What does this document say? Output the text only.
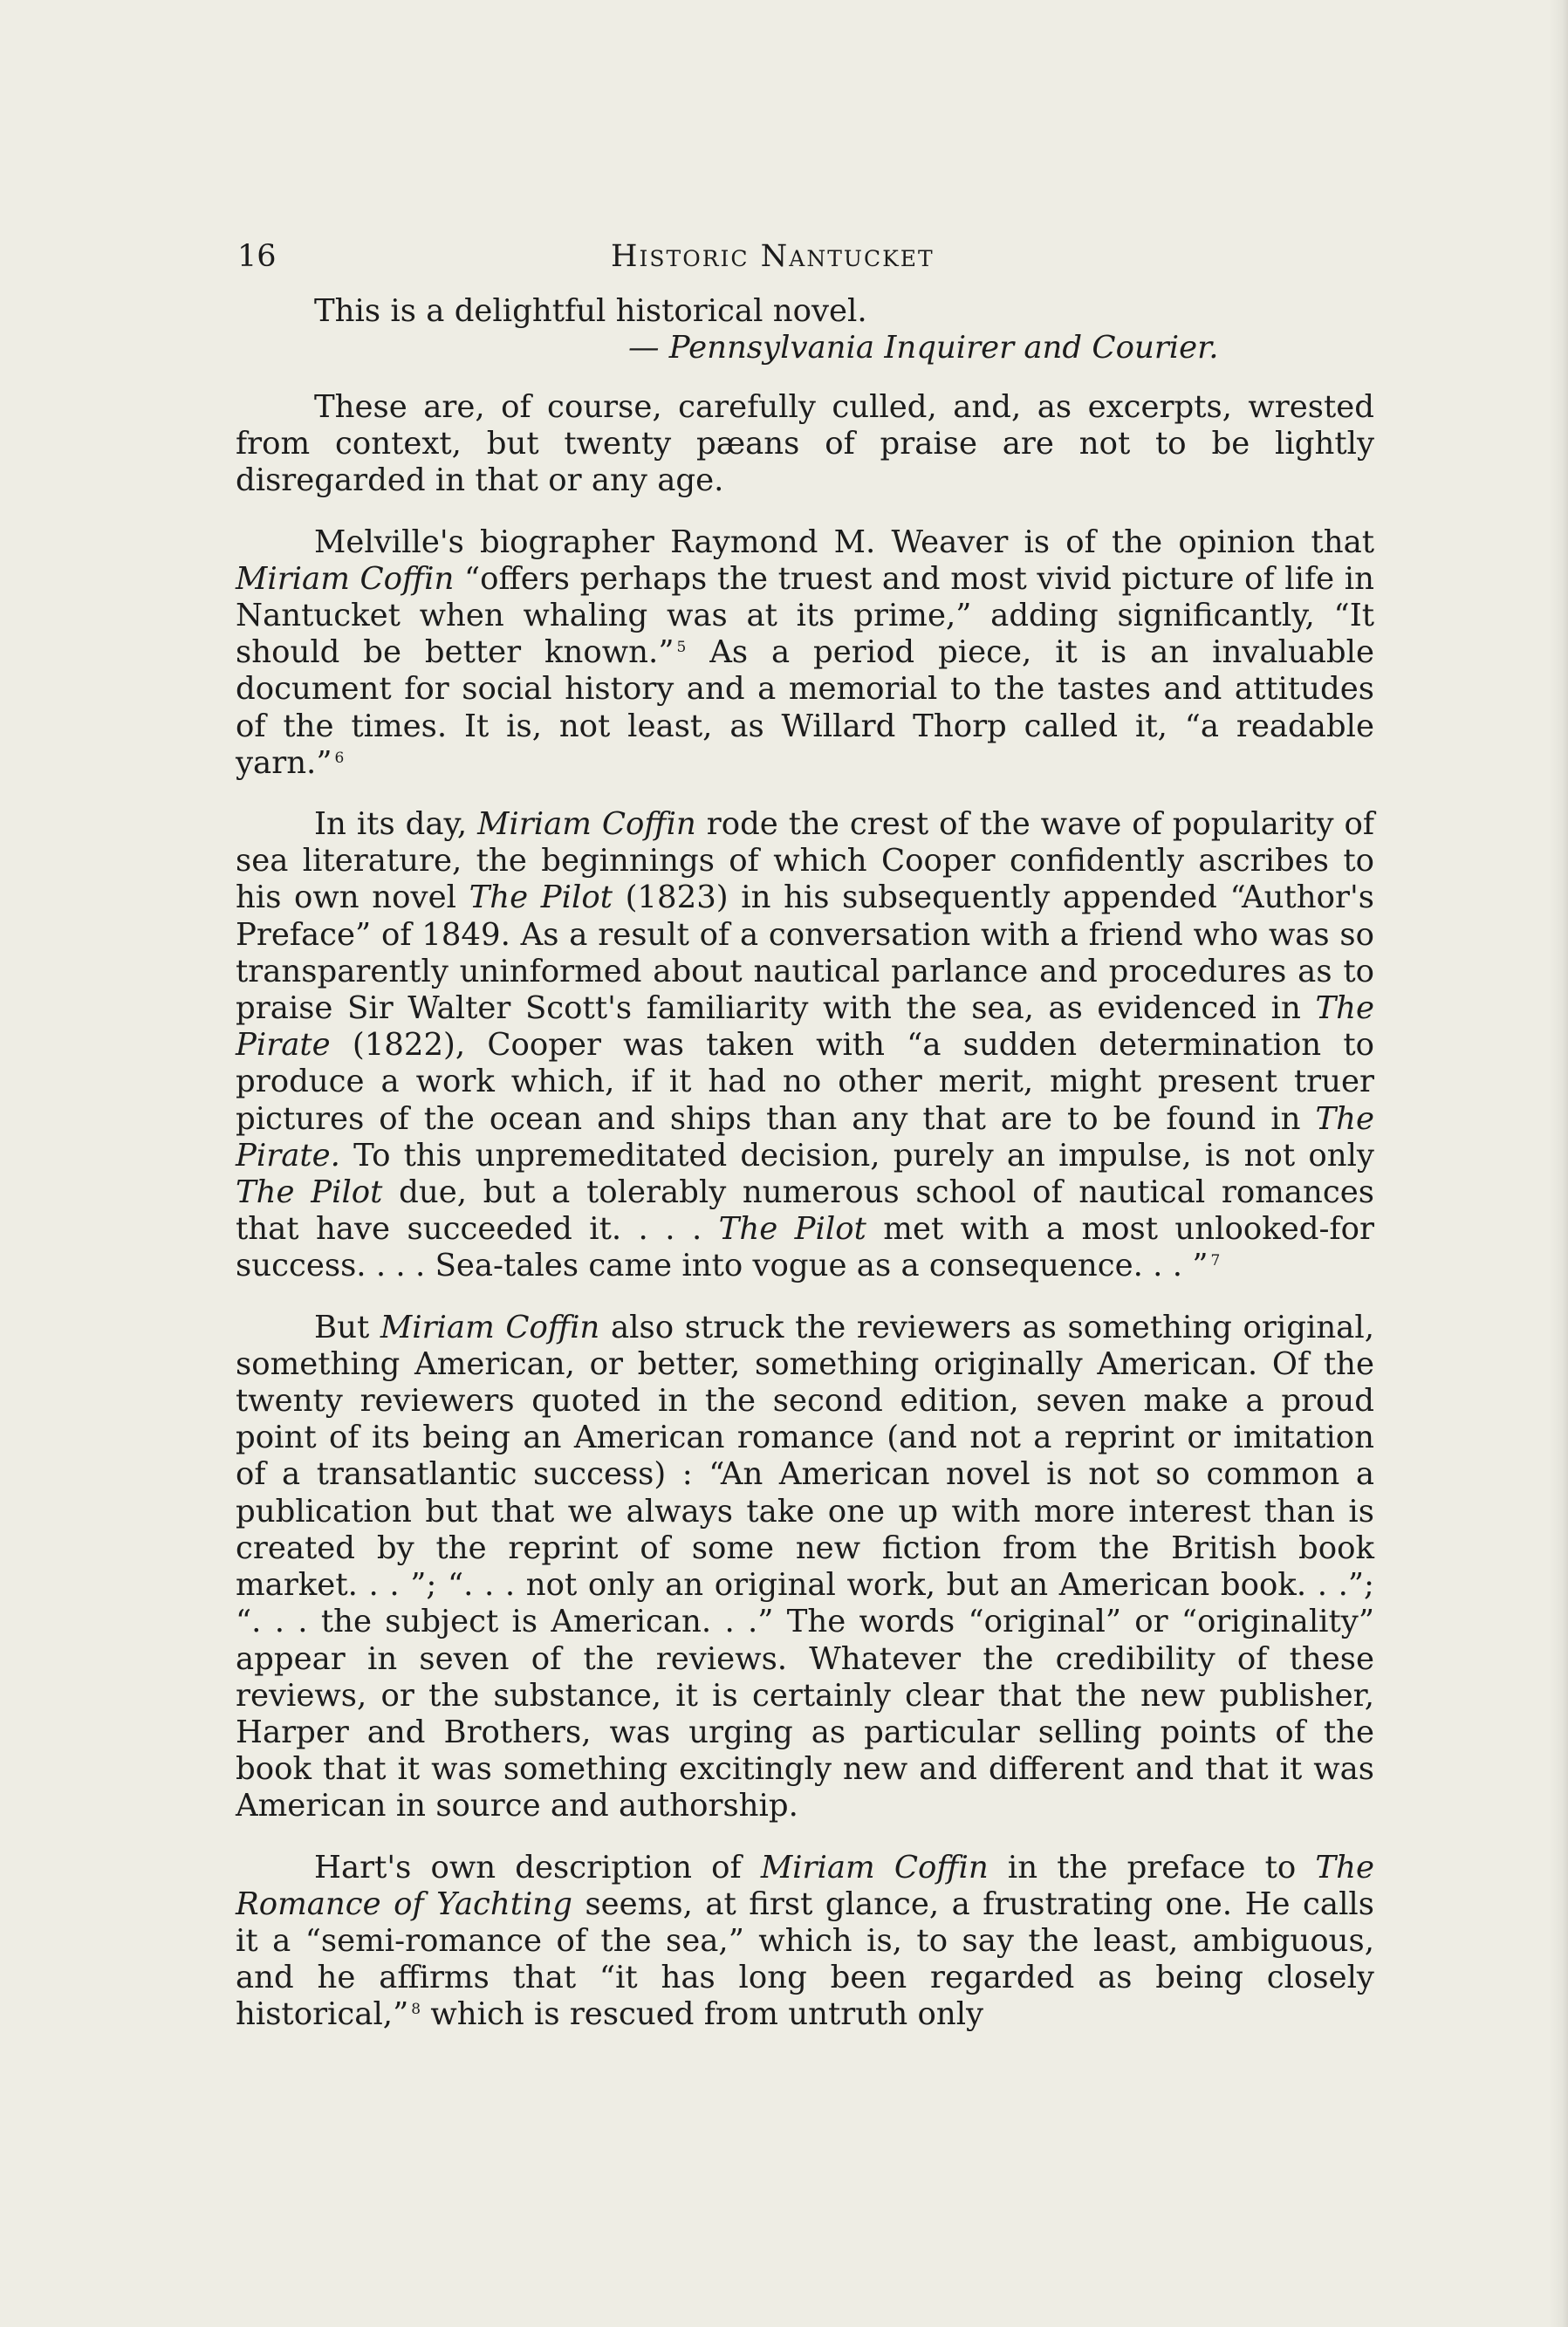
16	Historic Nantucket
This is a delightful historical novel.
— Pennsylvania Inquirer and Courier.

These are, of course, carefully culled, and, as excerpts, wrested from context, but twenty pæans of praise are not to be lightly disregarded in that or any age.

Melville's biographer Raymond M. Weaver is of the opinion that Miriam Coffin “offers perhaps the truest and most vivid picture of life in Nantucket when whaling was at its prime,” adding significantly, “It should be better known.” $^5$ As a period piece, it is an invaluable document for social history and a memorial to the tastes and attitudes of the times. It is, not least, as Willard Thorp called it, “a readable yarn.” $^6$

In its day, Miriam Coffin rode the crest of the wave of popularity of sea literature, the beginnings of which Cooper confidently ascribes to his own novel The Pilot (1823) in his subsequently appended “Author's Preface” of 1849. As a result of a conversation with a friend who was so transparently uninformed about nautical parlance and procedures as to praise Sir Walter Scott's familiarity with the sea, as evidenced in The Pirate (1822), Cooper was taken with “a sudden determination to produce a work which, if it had no other merit, might present truer pictures of the ocean and ships than any that are to be found in The Pirate. To this unpremeditated decision, purely an impulse, is not only The Pilot due, but a tolerably numerous school of nautical romances that have succeeded it. . . . The Pilot met with a most unlooked-for success. . . . Sea-tales came into vogue as a consequence. . . ” $^7$

But Miriam Coffin also struck the reviewers as something original, something American, or better, something originally American. Of the twenty reviewers quoted in the second edition, seven make a proud point of its being an American romance (and not a reprint or imitation of a transatlantic success) : “An American novel is not so common a publication but that we always take one up with more interest than is created by the reprint of some new fiction from the British book market. . . ”; “. . . not only an original work, but an American book. . .”; “. . . the subject is American. . .” The words “original” or “originality” appear in seven of the reviews. Whatever the credibility of these reviews, or the substance, it is certainly clear that the new publisher, Harper and Brothers, was urging as particular selling points of the book that it was something excitingly new and different and that it was American in source and authorship.

Hart's own description of Miriam Coffin in the preface to The Romance of Yachting seems, at first glance, a frustrating one. He calls it a “semi-romance of the sea,” which is, to say the least, ambiguous, and he affirms that “it has long been regarded as being closely historical,” $^8$ which is rescued from untruth only
